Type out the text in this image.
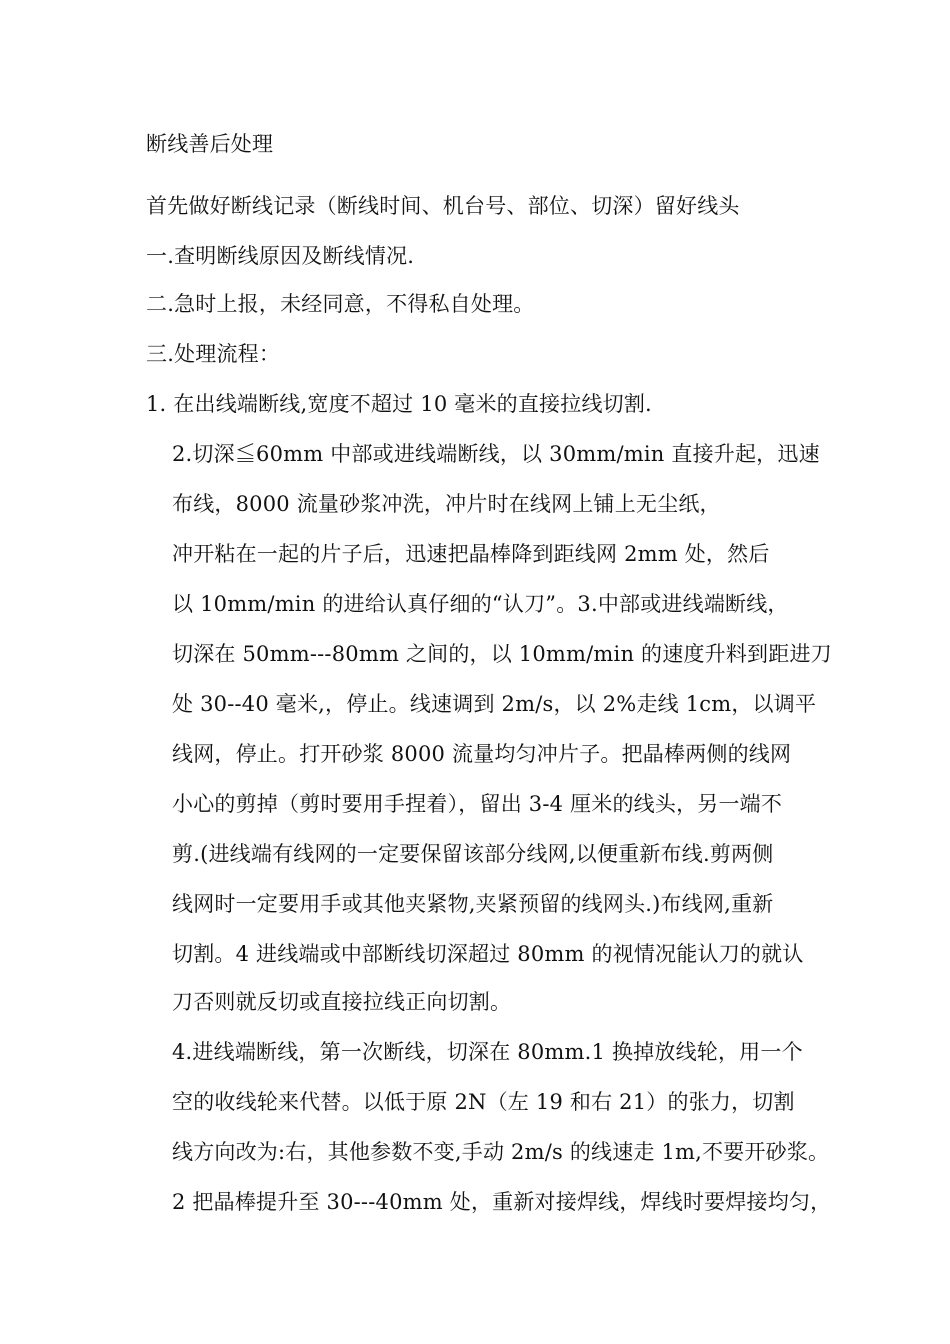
断线善后处理
首先做好断线记录（断线时间、机台号、部位、切深）留好线头
一.查明断线原因及断线情况.
二.急时上报，未经同意，不得私自处理。
三.处理流程：
1. 在出线端断线,宽度不超过 10 毫米的直接拉线切割.
2.切深≦60mm 中部或进线端断线，以 30mm/min 直接升起，迅速
布线，8000 流量砂浆冲洗，冲片时在线网上铺上无尘纸，
冲开粘在一起的片子后，迅速把晶棒降到距线网 2mm 处，然后
以 10mm/min 的进给认真仔细的“认刀”。3.中部或进线端断线，
切深在 50mm---80mm 之间的，以 10mm/min 的速度升料到距进刀
处 30--40 毫米,，停止。线速调到 2m/s，以 2%走线 1cm，以调平
线网，停止。打开砂浆 8000 流量均匀冲片子。把晶棒两侧的线网
小心的剪掉（剪时要用手捏着），留出 3-4 厘米的线头，另一端不
剪.(进线端有线网的一定要保留该部分线网,以便重新布线.剪两侧
线网时一定要用手或其他夹紧物,夹紧预留的线网头.)布线网,重新
切割。4 进线端或中部断线切深超过 80mm 的视情况能认刀的就认
刀否则就反切或直接拉线正向切割。
4.进线端断线，第一次断线，切深在 80mm.1 换掉放线轮，用一个
空的收线轮来代替。以低于原 2N（左 19 和右 21）的张力，切割
线方向改为:右，其他参数不变,手动 2m/s 的线速走 1m,不要开砂浆。
2 把晶棒提升至 30---40mm 处，重新对接焊线，焊线时要焊接均匀，
